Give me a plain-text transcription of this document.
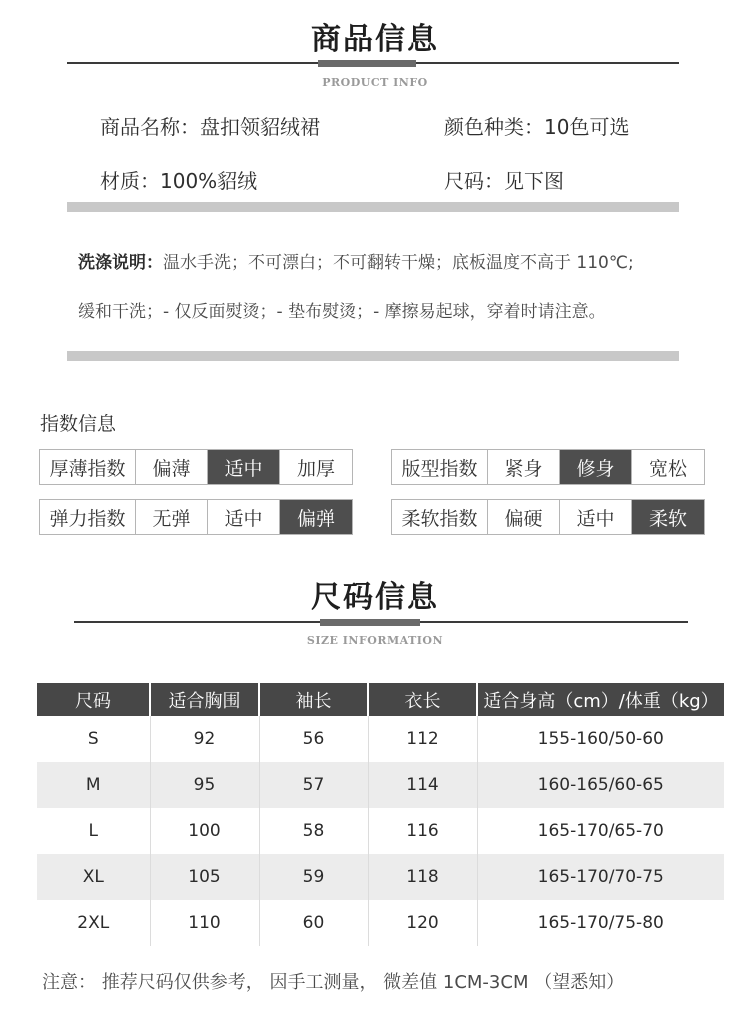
商品信息
PRODUCT INFO
商品名称：盘扣领貂绒裙	颜色种类：10色可选
材质：100%貂绒	尺码：见下图
洗涤说明：温水手洗；不可漂白；不可翻转干燥；底板温度不高于 110℃;
缓和干洗；- 仅反面熨烫；- 垫布熨烫；- 摩擦易起球，穿着时请注意。
指数信息
厚薄指数	偏薄	适中	加厚	版型指数	紧身	修身	宽松
弹力指数	无弹	适中	偏弹	柔软指数	偏硬	适中	柔软
尺码信息
SIZE INFORMATION
尺码	适合胸围	袖长	衣长	适合身高（cm）/体重（kg）
S	92	56	112	155-160/50-60
M	95	57	114	160-165/60-65
L	100	58	116	165-170/65-70
XL	105	59	118	165-170/70-75
2XL	110	60	120	165-170/75-80
注意： 推荐尺码仅供参考， 因手工测量， 微差值 1CM-3CM （望悉知）
